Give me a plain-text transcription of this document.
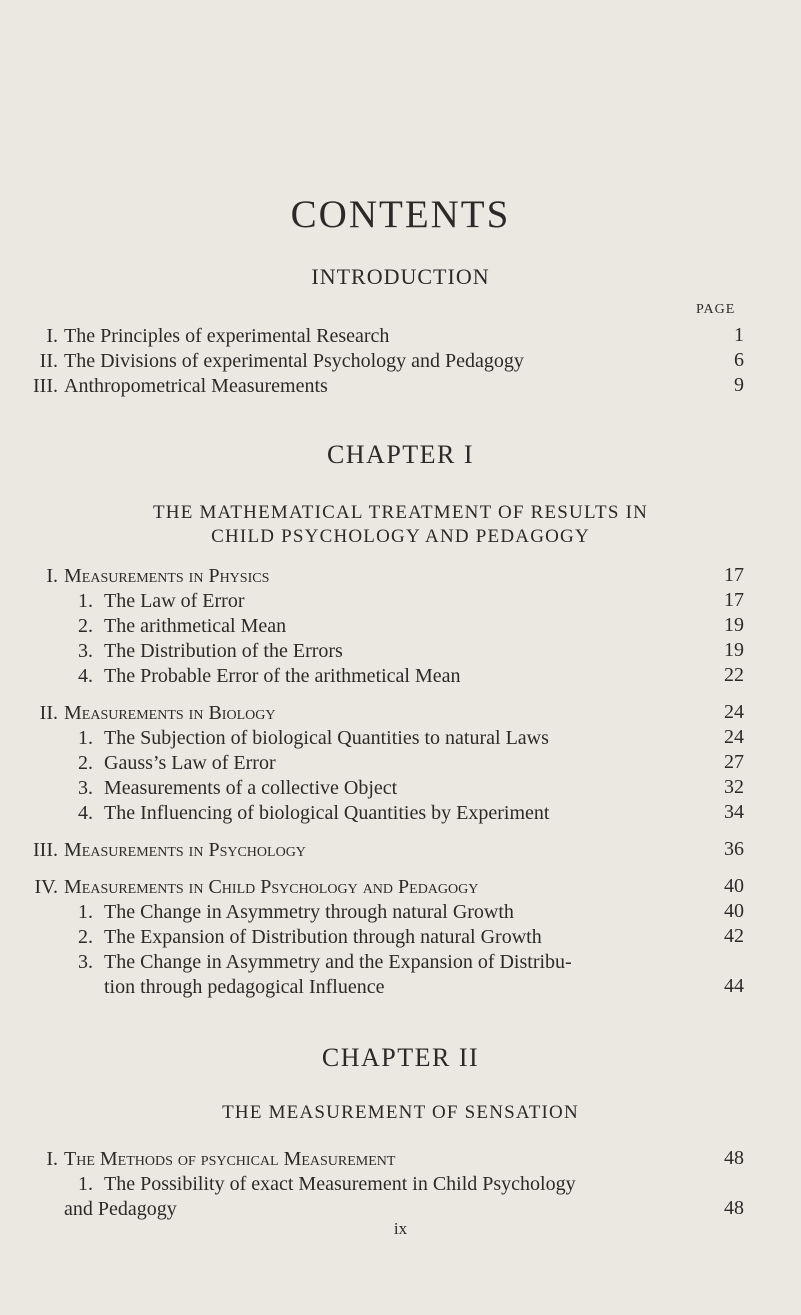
CONTENTS
INTRODUCTION
PAGE
I. The Principles of experimental Research	1
II. The Divisions of experimental Psychology and Pedagogy	6
III. Anthropometrical Measurements	9
CHAPTER I
THE MATHEMATICAL TREATMENT OF RESULTS IN
CHILD PSYCHOLOGY AND PEDAGOGY
I. Measurements in Physics	17
1. The Law of Error	17
2. The arithmetical Mean	19
3. The Distribution of the Errors	19
4. The Probable Error of the arithmetical Mean	22
II. Measurements in Biology	24
1. The Subjection of biological Quantities to natural Laws	24
2. Gauss’s Law of Error	27
3. Measurements of a collective Object	32
4. The Influencing of biological Quantities by Experiment	34
III. Measurements in Psychology	36
IV. Measurements in Child Psychology and Pedagogy	40
1. The Change in Asymmetry through natural Growth	40
2. The Expansion of Distribution through natural Growth	42
3. The Change in Asymmetry and the Expansion of Distribu-
tion through pedagogical Influence	44
CHAPTER II
THE MEASUREMENT OF SENSATION
I. The Methods of psychical Measurement	48
1. The Possibility of exact Measurement in Child Psychology
and Pedagogy	48
ix
